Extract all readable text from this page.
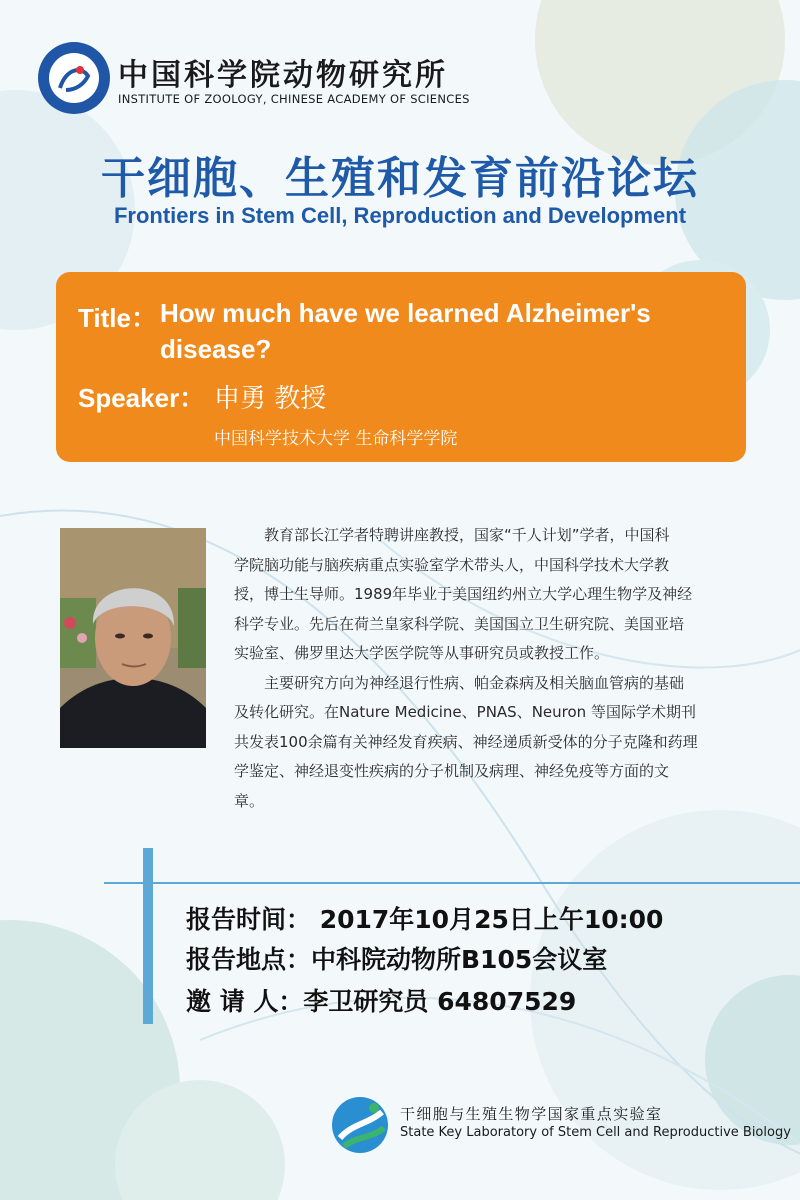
中国科学院动物研究所
INSTITUTE OF ZOOLOGY, CHINESE ACADEMY OF SCIENCES
干细胞、生殖和发育前沿论坛
Frontiers in Stem Cell, Reproduction and Development
Title： How much have we learned Alzheimer's
disease?
Speaker： 申勇 教授
中国科学技术大学 生命科学学院

教育部长江学者特聘讲座教授，国家“千人计划”学者，中国科
学院脑功能与脑疾病重点实验室学术带头人，中国科学技术大学教
授，博士生导师。1989年毕业于美国纽约州立大学心理生物学及神经
科学专业。先后在荷兰皇家科学院、美国国立卫生研究院、美国亚培
实验室、佛罗里达大学医学院等从事研究员或教授工作。

主要研究方向为神经退行性病、帕金森病及相关脑血管病的基础
及转化研究。在Nature Medicine、PNAS、Neuron 等国际学术期刊
共发表100余篇有关神经发育疾病、神经递质新受体的分子克隆和药理
学鉴定、神经退变性疾病的分子机制及病理、神经免疫等方面的文
章。

报告时间： 2017年10月25日上午10:00
报告地点：中科院动物所B105会议室
邀 请 人：李卫研究员 64807529
干细胞与生殖生物学国家重点实验室
State Key Laboratory of Stem Cell and Reproductive Biology
